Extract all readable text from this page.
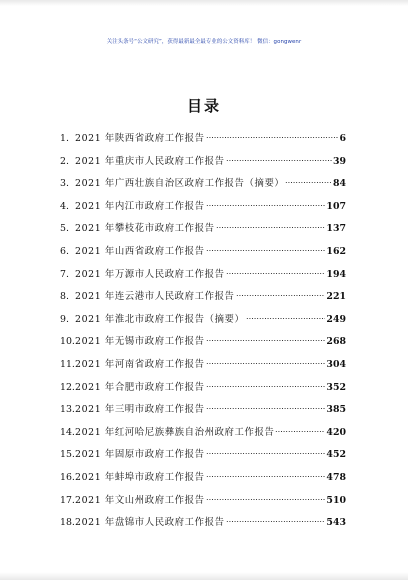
关注头条号“公文研究”，获得最新最全最专业的公文资料库！ 微信：gongwenr
目录
1. 2021 年陕西省政府工作报告	6
2. 2021 年重庆市人民政府工作报告	39
3. 2021 年广西壮族自治区政府工作报告（摘要）	84
4. 2021 年内江市政府工作报告	107
5. 2021 年攀枝花市政府工作报告	137
6. 2021 年山西省政府工作报告	162
7. 2021 年万源市人民政府工作报告	194
8. 2021 年连云港市人民政府工作报告	221
9. 2021 年淮北市政府工作报告（摘要）	249
10. 2021 年无锡市政府工作报告	268
11. 2021 年河南省政府工作报告	304
12. 2021 年合肥市政府工作报告	352
13. 2021 年三明市政府工作报告	385
14. 2021 年红河哈尼族彝族自治州政府工作报告	420
15. 2021 年固原市政府工作报告	452
16. 2021 年蚌埠市政府工作报告	478
17. 2021 年文山州政府工作报告	510
18. 2021 年盘锦市人民政府工作报告	543
